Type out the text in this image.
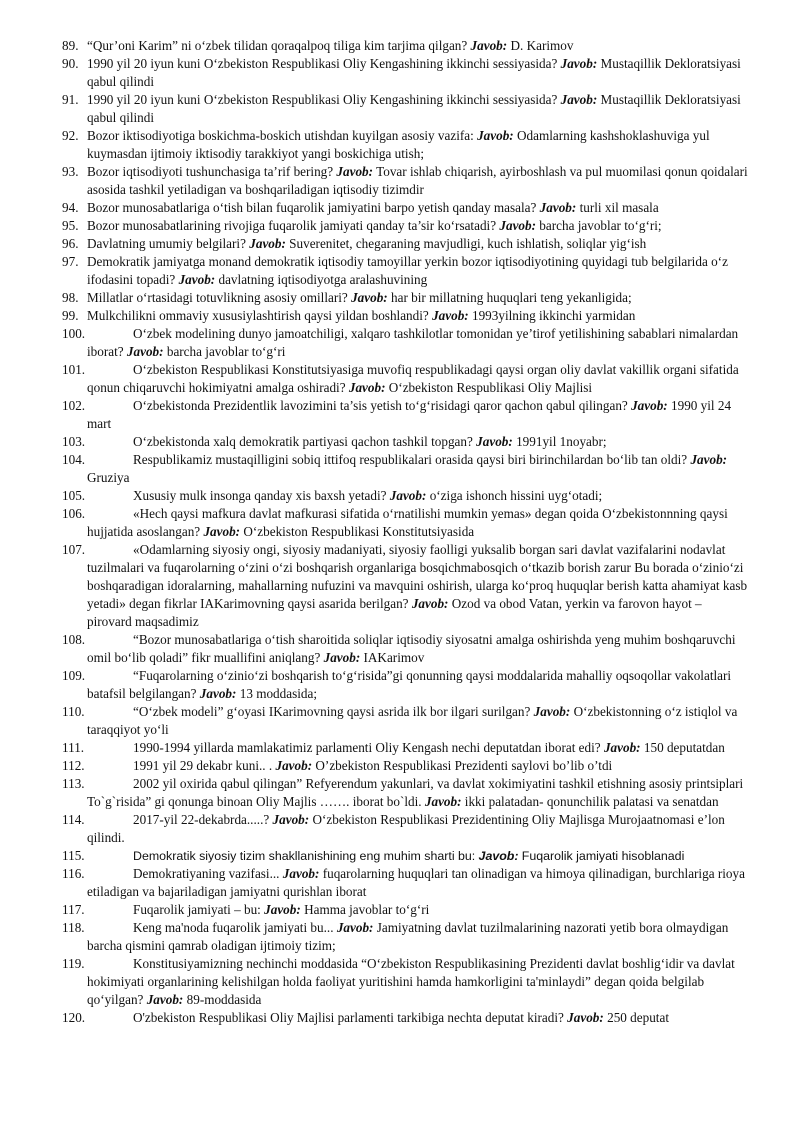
89. “Qur’oni Karim” ni o‘zbek tilidan qoraqalpoq tiliga kim tarjima qilgan? Javob: D. Karimov

90. 1990 yil 20 iyun kuni O‘zbekiston Respublikasi Oliy Kengashining ikkinchi sessiyasida? Javob: Mustaqillik Dekloratsiyasi qabul qilindi

91. 1990 yil 20 iyun kuni O‘zbekiston Respublikasi Oliy Kengashining ikkinchi sessiyasida? Javob: Mustaqillik Dekloratsiyasi qabul qilindi

92. Bozor iktisodiyotiga boskichma-boskich utishdan kuyilgan asosiy vazifa: Javob: Odamlarning kashshoklashuviga yul kuymasdan ijtimoiy iktisodiy tarakkiyot yangi boskichiga utish;

93. Bozor iqtisodiyoti tushunchasiga ta’rif bering? Javob: Tovar ishlab chiqarish, ayirboshlash va pul muomilasi qonun qoidalari asosida tashkil yetiladigan va boshqariladigan iqtisodiy tizimdir

94. Bozor munosabatlariga o‘tish bilan fuqarolik jamiyatini barpo yetish qanday masala? Javob: turli xil masala

95. Bozor munosabatlarining rivojiga fuqarolik jamiyati qanday ta’sir ko‘rsatadi? Javob: barcha javoblar to‘g‘ri;

96. Davlatning umumiy belgilari? Javob: Suverenitet, chegaraning mavjudligi, kuch ishlatish, soliqlar yig‘ish

97. Demokratik jamiyatga monand demokratik iqtisodiy tamoyillar yerkin bozor iqtisodiyotining quyidagi tub belgilarida o‘z ifodasini topadi? Javob: davlatning iqtisodiyotga aralashuvining

98. Millatlar o‘rtasidagi totuvlikning asosiy omillari? Javob: har bir millatning huquqlari teng yekanligida;

99. Mulkchilikni ommaviy xususiylashtirish qaysi yildan boshlandi? Javob: 1993yilning ikkinchi yarmidan

100.	O‘zbek modelining dunyo jamoatchiligi, xalqaro tashkilotlar tomonidan ye’tirof yetilishining sabablari nimalardan iborat? Javob: barcha javoblar to‘g‘ri

101.	O‘zbekiston Respublikasi Konstitutsiyasiga muvofiq respublikadagi qaysi organ oliy davlat vakillik organi sifatida qonun chiqaruvchi hokimiyatni amalga oshiradi? Javob: O‘zbekiston Respublikasi Oliy Majlisi

102.	O‘zbekistonda Prezidentlik lavozimini ta’sis yetish to‘g‘risidagi qaror qachon qabul qilingan? Javob: 1990 yil 24 mart

103.	O‘zbekistonda xalq demokratik partiyasi qachon tashkil topgan? Javob: 1991yil 1noyabr;

104.	Respublikamiz mustaqilligini sobiq ittifoq respublikalari orasida qaysi biri birinchilardan bo‘lib tan oldi? Javob: Gruziya

105.	Xususiy mulk insonga qanday xis baxsh yetadi? Javob: o‘ziga ishonch hissini uyg‘otadi;

106.	«Hech qaysi mafkura davlat mafkurasi sifatida o‘rnatilishi mumkin yemas» degan qoida O‘zbekistonnning qaysi hujjatida asoslangan? Javob: O‘zbekiston Respublikasi Konstitutsiyasida

107.	«Odamlarning siyosiy ongi, siyosiy madaniyati, siyosiy faolligi yuksalib borgan sari davlat vazifalarini nodavlat tuzilmalari va fuqarolarning o‘zini o‘zi boshqarish organlariga bosqichmabosqich o‘tkazib borish zarur Bu borada o‘zinio‘zi boshqaradigan idoralarning, mahallarning nufuzini va mavquini oshirish, ularga ko‘proq huquqlar berish katta ahamiyat kasb yetadi» degan fikrlar IAKarimovning qaysi asarida berilgan? Javob: Ozod va obod Vatan, yerkin va farovon hayot – pirovard maqsadimiz

108.	“Bozor munosabatlariga o‘tish sharoitida soliqlar iqtisodiy siyosatni amalga oshirishda yeng muhim boshqaruvchi omil bo‘lib qoladi” fikr muallifini aniqlang? Javob: IAKarimov

109.	“Fuqarolarning o‘zinio‘zi boshqarish to‘g‘risida”gi qonunning qaysi moddalarida mahalliy oqsoqollar vakolatlari batafsil belgilangan? Javob: 13 moddasida;

110.	“O‘zbek modeli” g‘oyasi IKarimovning qaysi asrida ilk bor ilgari surilgan? Javob: O‘zbekistonning o‘z istiqlol va taraqqiyot yo‘li

111.	1990-1994 yillarda mamlakatimiz parlamenti Oliy Kengash nechi deputatdan iborat edi? Javob: 150 deputatdan

112.	1991 yil 29 dekabr kuni.. . Javob: O’zbekiston Respublikasi Prezidenti saylovi bo’lib o’tdi

113.	2002 yil oxirida qabul qilingan” Refyerendum yakunlari, va davlat xokimiyatini tashkil etishning asosiy printsiplari To`g`risida” gi qonunga binoan Oliy Majlis ……. iborat bo`ldi. Javob: ikki palatadan- qonunchilik palatasi va senatdan

114.	2017-yil 22-dekabrda.....? Javob: O‘zbekiston Respublikasi Prezidentining Oliy Majlisga Murojaatnomasi e’lon qilindi.

115.	Demokratik siyosiy tizim shakllanishining eng muhim sharti bu: Javob: Fuqarolik jamiyati hisoblanadi

116.	Demokratiyaning vazifasi... Javob: fuqarolarning huquqlari tan olinadigan va himoya qilinadigan, burchlariga rioya etiladigan va bajariladigan jamiyatni qurishlan iborat

117.	Fuqarolik jamiyati – bu: Javob: Hamma javoblar to‘g‘ri

118.	Keng ma'noda fuqarolik jamiyati bu... Javob: Jamiyatning davlat tuzilmalarining nazorati yetib bora olmaydigan barcha qismini qamrab oladigan ijtimoiy tizim;

119.	Konstitusiyamizning nechinchi moddasida “O‘zbekiston Respublikasining Prezidenti davlat boshlig‘idir va davlat hokimiyati organlarining kelishilgan holda faoliyat yuritishini hamda hamkorligini ta'minlaydi” degan qoida belgilab qo‘yilgan? Javob: 89-moddasida

120.	O'zbekiston Respublikasi Oliy Majlisi parlamenti tarkibiga nechta deputat kiradi? Javob: 250 deputat
